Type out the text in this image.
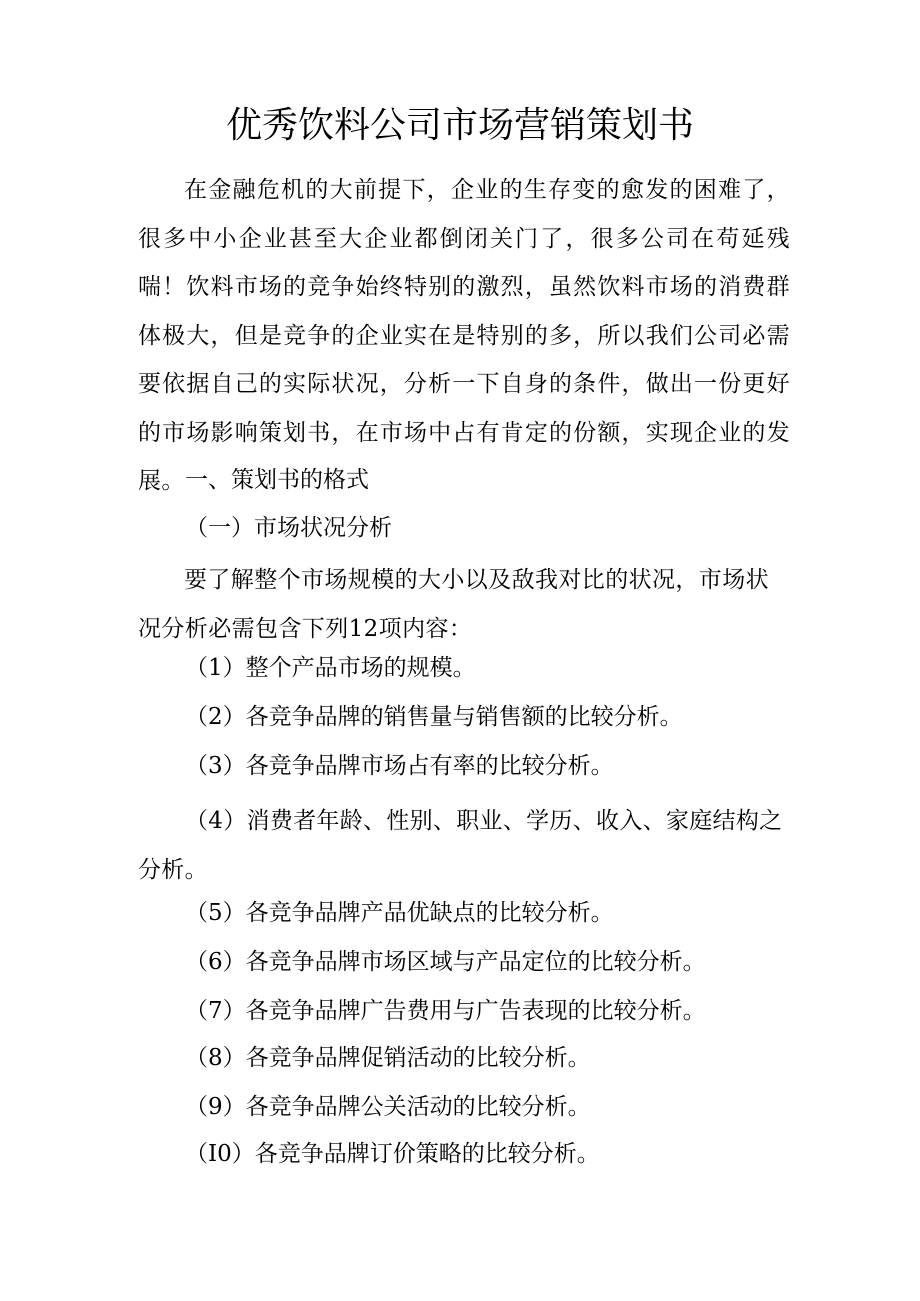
优秀饮料公司市场营销策划书

在金融危机的大前提下，企业的生存变的愈发的困难了，很多中小企业甚至大企业都倒闭关门了，很多公司在苟延残喘！饮料市场的竞争始终特别的激烈，虽然饮料市场的消费群体极大，但是竞争的企业实在是特别的多，所以我们公司必需要依据自己的实际状况，分析一下自身的条件，做出一份更好的市场影响策划书，在市场中占有肯定的份额，实现企业的发展。 一、策划书的格式

（一）市场状况分析

要了解整个市场规模的大小以及敌我对比的状况，市场状况分析必需包含下列12项内容：

（1）整个产品市场的规模。

（2）各竞争品牌的销售量与销售额的比较分析。

（3）各竞争品牌市场占有率的比较分析。

（4）消费者年龄、性别、职业、学历、收入、家庭结构之分析。

（5）各竞争品牌产品优缺点的比较分析。

（6）各竞争品牌市场区域与产品定位的比较分析。

（7）各竞争品牌广告费用与广告表现的比较分析。

（8）各竞争品牌促销活动的比较分析。

（9）各竞争品牌公关活动的比较分析。

（I0）各竞争品牌订价策略的比较分析。
